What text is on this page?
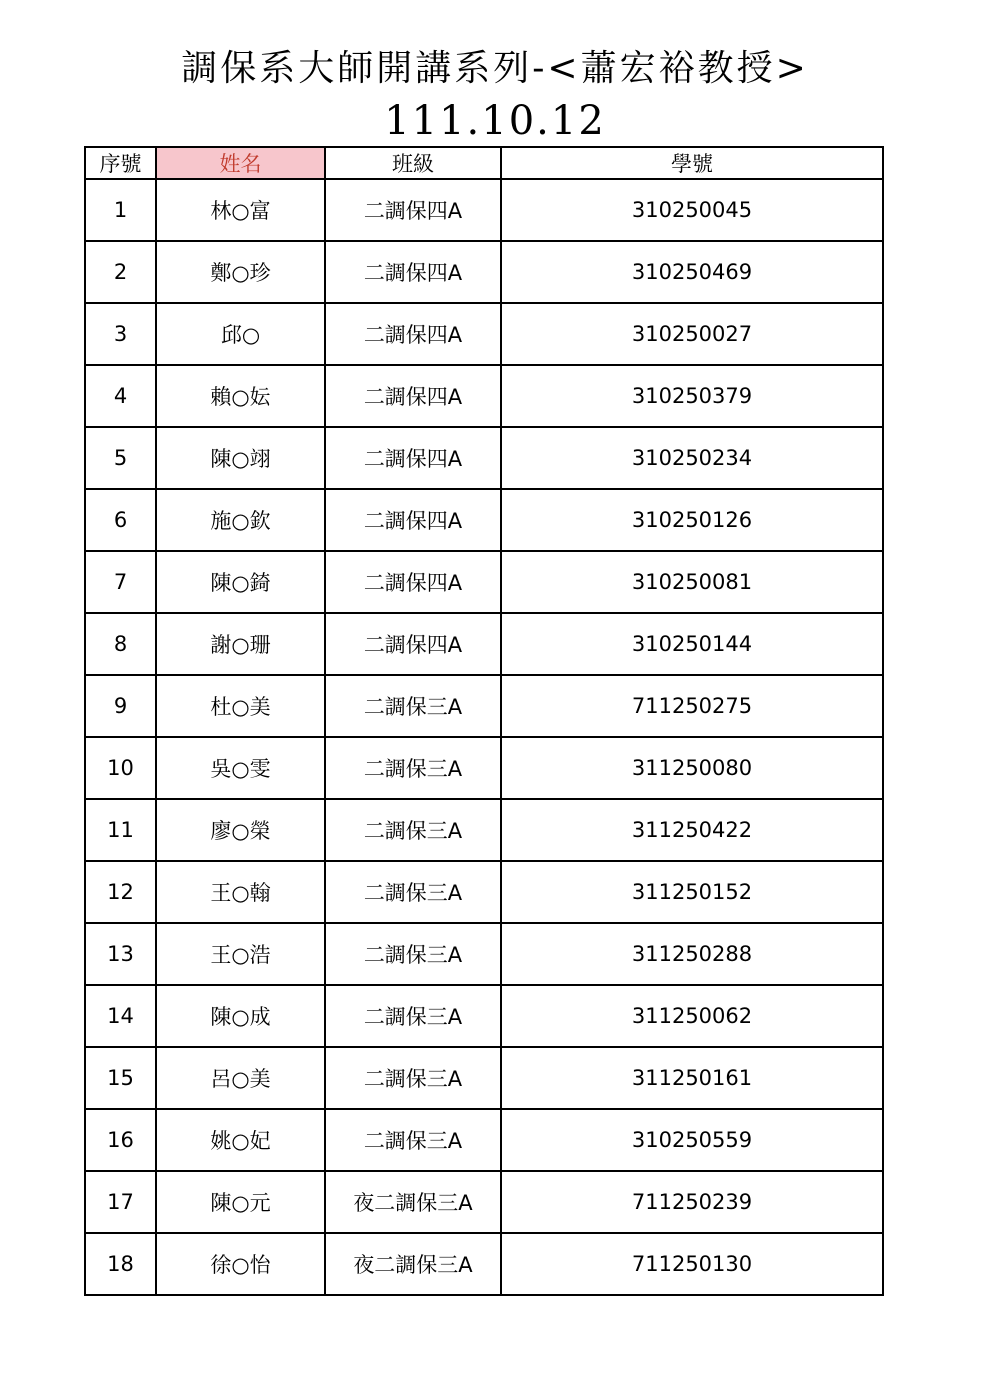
調保系大師開講系列-<蕭宏裕教授>
111.10.12
序號	姓名	班級	學號
1	林○富	二調保四A	310250045
2	鄭○珍	二調保四A	310250469
3	邱○	二調保四A	310250027
4	賴○妘	二調保四A	310250379
5	陳○翊	二調保四A	310250234
6	施○欽	二調保四A	310250126
7	陳○錡	二調保四A	310250081
8	謝○珊	二調保四A	310250144
9	杜○美	二調保三A	711250275
10	吳○雯	二調保三A	311250080
11	廖○榮	二調保三A	311250422
12	王○翰	二調保三A	311250152
13	王○浩	二調保三A	311250288
14	陳○成	二調保三A	311250062
15	呂○美	二調保三A	311250161
16	姚○妃	二調保三A	310250559
17	陳○元	夜二調保三A	711250239
18	徐○怡	夜二調保三A	711250130
